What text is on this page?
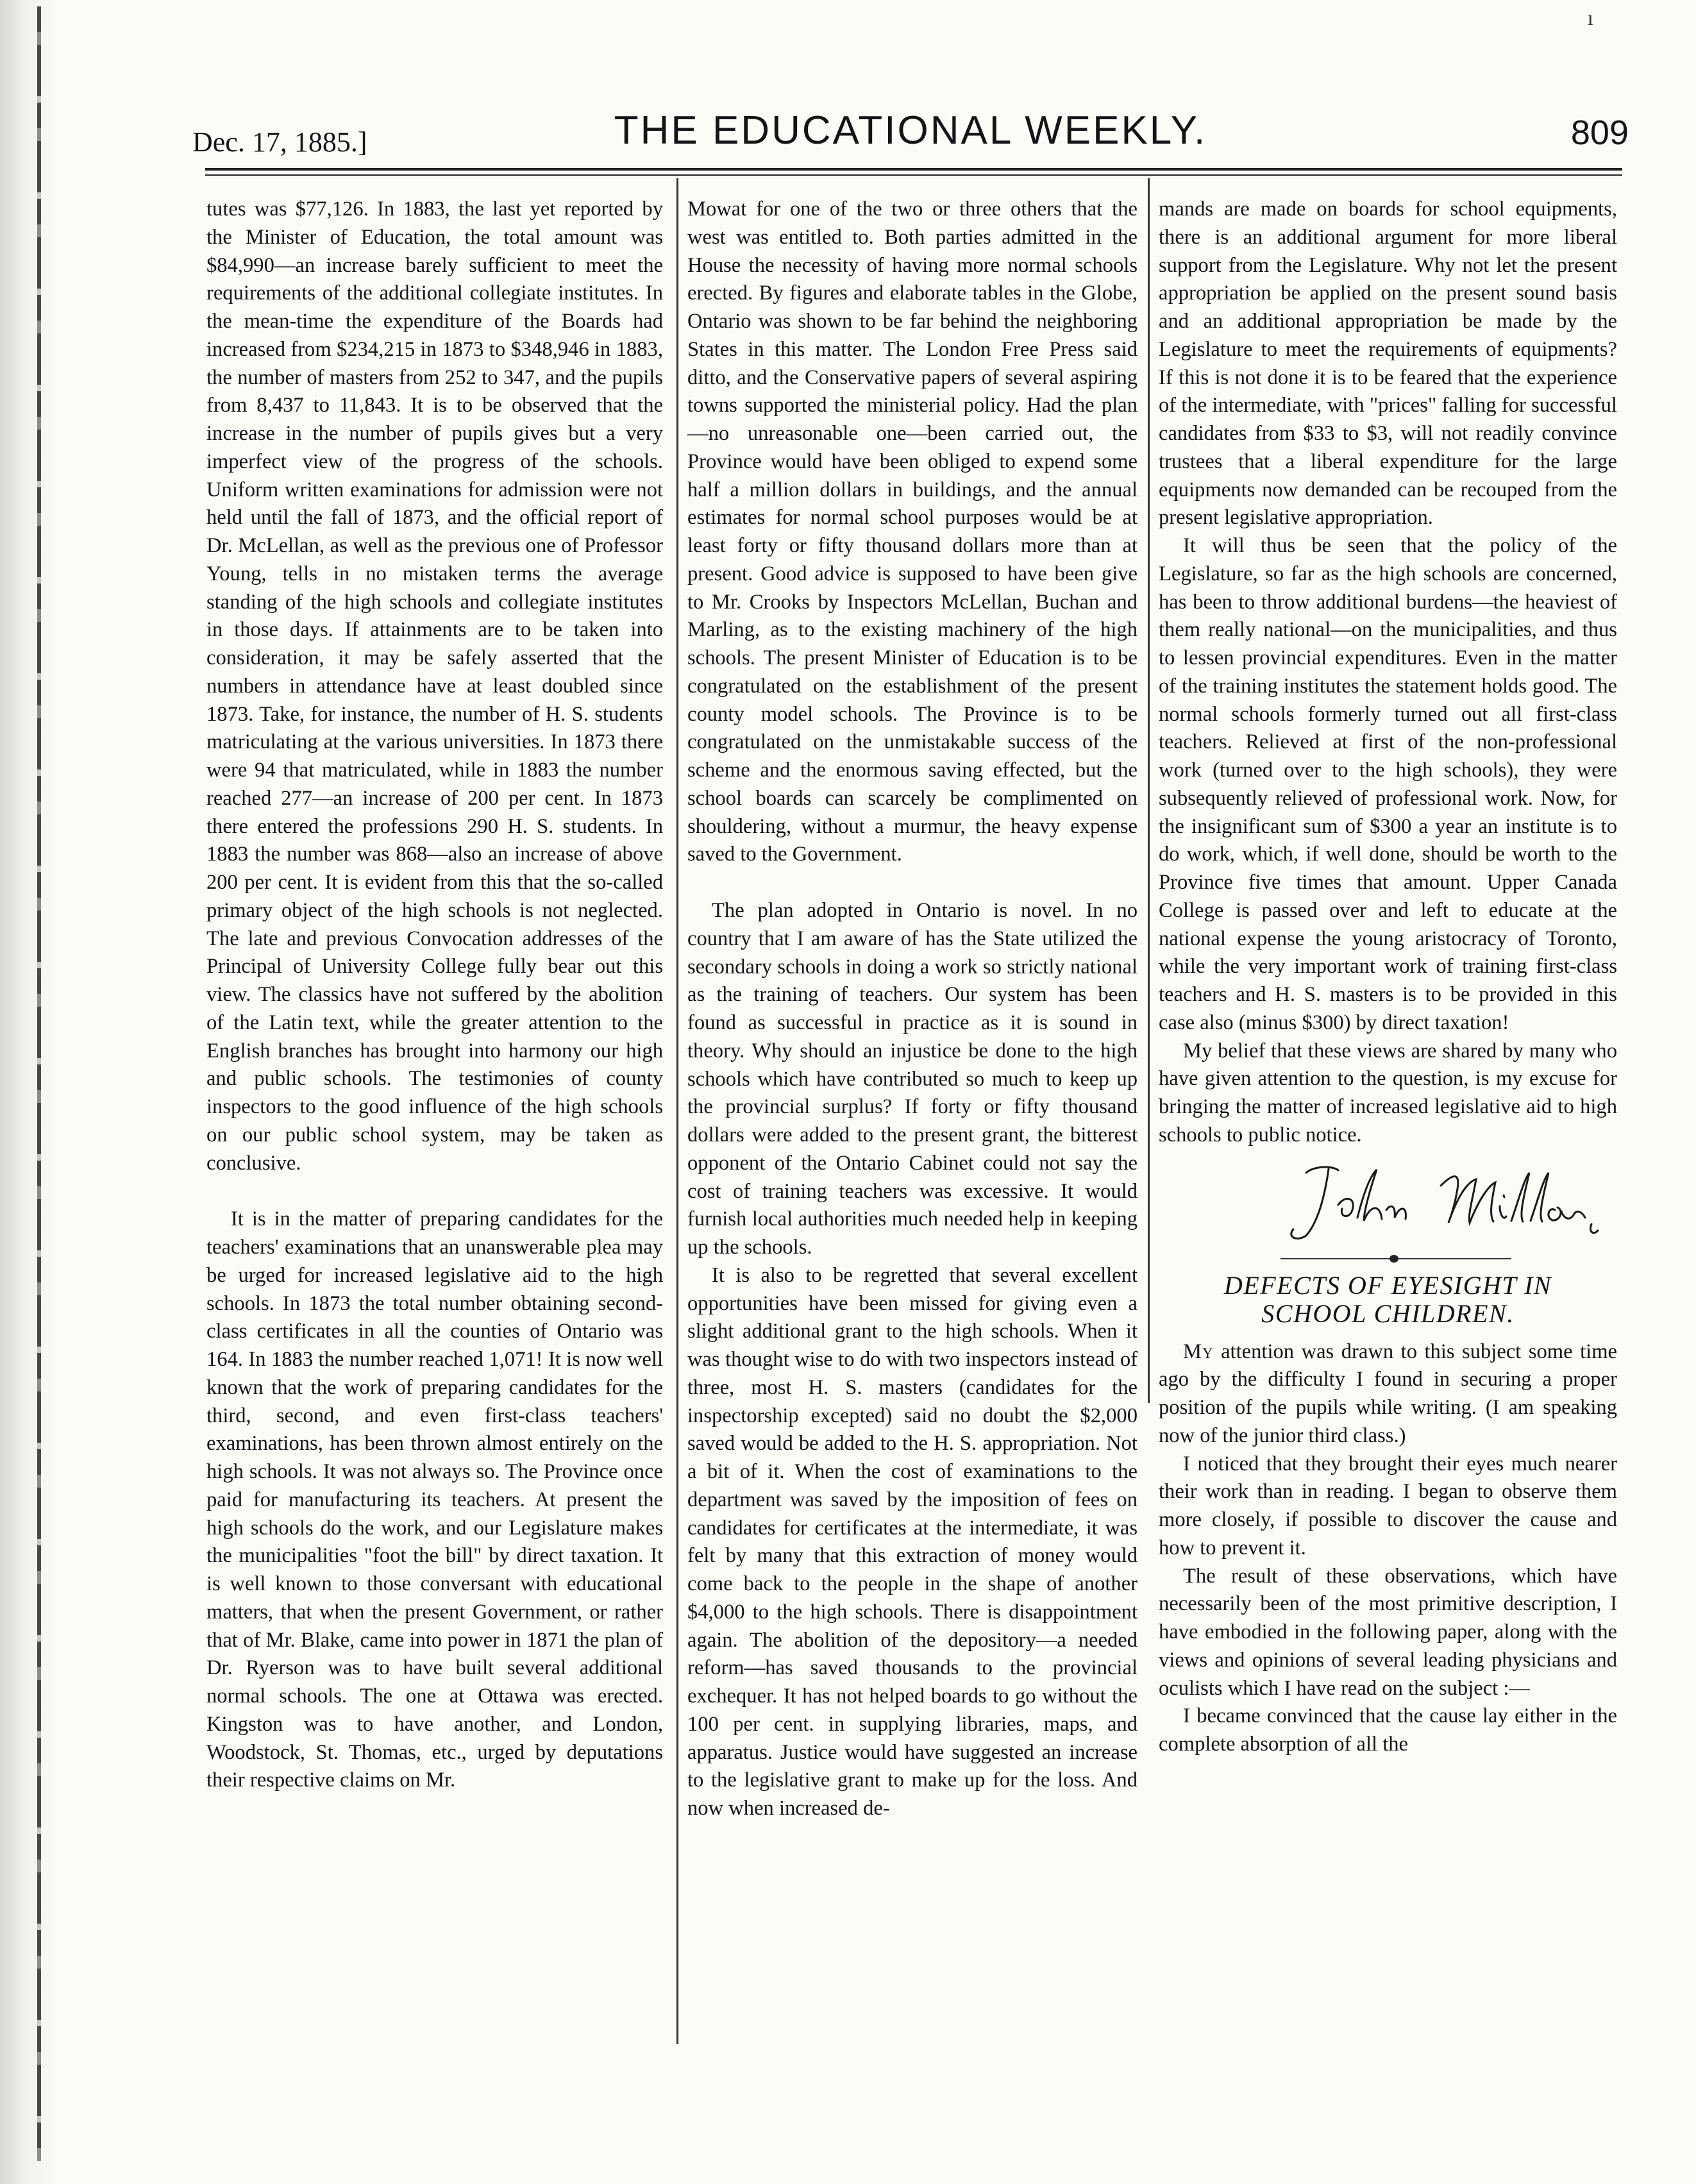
ı
Dec. 17, 1885.]	THE EDUCATIONAL WEEKLY.	809

tutes was $77,126. In 1883, the last yet reported by the Minister of Education, the total amount was $84,990—an increase barely sufficient to meet the requirements of the additional collegiate institutes. In the mean-time the expenditure of the Boards had increased from $234,215 in 1873 to $348,946 in 1883, the number of masters from 252 to 347, and the pupils from 8,437 to 11,843. It is to be observed that the increase in the number of pupils gives but a very imperfect view of the progress of the schools. Uniform written examinations for admission were not held until the fall of 1873, and the official report of Dr. McLellan, as well as the previous one of Professor Young, tells in no mistaken terms the average standing of the high schools and collegiate institutes in those days. If attainments are to be taken into consideration, it may be safely asserted that the numbers in attendance have at least doubled since 1873. Take, for instance, the number of H. S. students matriculating at the various universities. In 1873 there were 94 that matriculated, while in 1883 the number reached 277—an increase of 200 per cent. In 1873 there entered the professions 290 H. S. students. In 1883 the number was 868—also an increase of above 200 per cent. It is evident from this that the so-called primary object of the high schools is not neglected. The late and previous Convocation addresses of the Principal of University College fully bear out this view. The classics have not suffered by the abolition of the Latin text, while the greater attention to the English branches has brought into harmony our high and public schools. The testimonies of county inspectors to the good influence of the high schools on our public school system, may be taken as conclusive.

It is in the matter of preparing candidates for the teachers' examinations that an unanswerable plea may be urged for increased legislative aid to the high schools. In 1873 the total number obtaining second-class certificates in all the counties of Ontario was 164. In 1883 the number reached 1,071! It is now well known that the work of preparing candidates for the third, second, and even first-class teachers' examinations, has been thrown almost entirely on the high schools. It was not always so. The Province once paid for manufacturing its teachers. At present the high schools do the work, and our Legislature makes the municipalities "foot the bill" by direct taxation. It is well known to those conversant with educational matters, that when the present Government, or rather that of Mr. Blake, came into power in 1871 the plan of Dr. Ryerson was to have built several additional normal schools. The one at Ottawa was erected. Kingston was to have another, and London, Woodstock, St. Thomas, etc., urged by deputations their respective claims on Mr.

Mowat for one of the two or three others that the west was entitled to. Both parties admitted in the House the necessity of having more normal schools erected. By figures and elaborate tables in the Globe, Ontario was shown to be far behind the neighboring States in this matter. The London Free Press said ditto, and the Conservative papers of several aspiring towns supported the ministerial policy. Had the plan—no unreasonable one—been carried out, the Province would have been obliged to expend some half a million dollars in buildings, and the annual estimates for normal school purposes would be at least forty or fifty thousand dollars more than at present. Good advice is supposed to have been give to Mr. Crooks by Inspectors McLellan, Buchan and Marling, as to the existing machinery of the high schools. The present Minister of Education is to be congratulated on the establishment of the present county model schools. The Province is to be congratulated on the unmistakable success of the scheme and the enormous saving effected, but the school boards can scarcely be complimented on shouldering, without a murmur, the heavy expense saved to the Government.

The plan adopted in Ontario is novel. In no country that I am aware of has the State utilized the secondary schools in doing a work so strictly national as the training of teachers. Our system has been found as successful in practice as it is sound in theory. Why should an injustice be done to the high schools which have contributed so much to keep up the provincial surplus? If forty or fifty thousand dollars were added to the present grant, the bitterest opponent of the Ontario Cabinet could not say the cost of training teachers was excessive. It would furnish local authorities much needed help in keeping up the schools.

It is also to be regretted that several excellent opportunities have been missed for giving even a slight additional grant to the high schools. When it was thought wise to do with two inspectors instead of three, most H. S. masters (candidates for the inspectorship excepted) said no doubt the $2,000 saved would be added to the H. S. appropriation. Not a bit of it. When the cost of examinations to the department was saved by the imposition of fees on candidates for certificates at the intermediate, it was felt by many that this extraction of money would come back to the people in the shape of another $4,000 to the high schools. There is disappointment again. The abolition of the depository—a needed reform—has saved thousands to the provincial exchequer. It has not helped boards to go without the 100 per cent. in supplying libraries, maps, and apparatus. Justice would have suggested an increase to the legislative grant to make up for the loss. And now when increased de-

mands are made on boards for school equipments, there is an additional argument for more liberal support from the Legislature. Why not let the present appropriation be applied on the present sound basis and an additional appropriation be made by the Legislature to meet the requirements of equipments? If this is not done it is to be feared that the experience of the intermediate, with "prices" falling for successful candidates from $33 to $3, will not readily convince trustees that a liberal expenditure for the large equipments now demanded can be recouped from the present legislative appropriation.

It will thus be seen that the policy of the Legislature, so far as the high schools are concerned, has been to throw additional burdens—the heaviest of them really national—on the municipalities, and thus to lessen provincial expenditures. Even in the matter of the training institutes the statement holds good. The normal schools formerly turned out all first-class teachers. Relieved at first of the non-professional work (turned over to the high schools), they were subsequently relieved of professional work. Now, for the insignificant sum of $300 a year an institute is to do work, which, if well done, should be worth to the Province five times that amount. Upper Canada College is passed over and left to educate at the national expense the young aristocracy of Toronto, while the very important work of training first-class teachers and H. S. masters is to be provided in this case also (minus $300) by direct taxation!

My belief that these views are shared by many who have given attention to the question, is my excuse for bringing the matter of increased legislative aid to high schools to public notice.

DEFECTS OF EYESIGHT IN
SCHOOL CHILDREN.

My attention was drawn to this subject some time ago by the difficulty I found in securing a proper position of the pupils while writing. (I am speaking now of the junior third class.)

I noticed that they brought their eyes much nearer their work than in reading. I began to observe them more closely, if possible to discover the cause and how to prevent it.

The result of these observations, which have necessarily been of the most primitive description, I have embodied in the following paper, along with the views and opinions of several leading physicians and oculists which I have read on the subject :—

I became convinced that the cause lay either in the complete absorption of all the
